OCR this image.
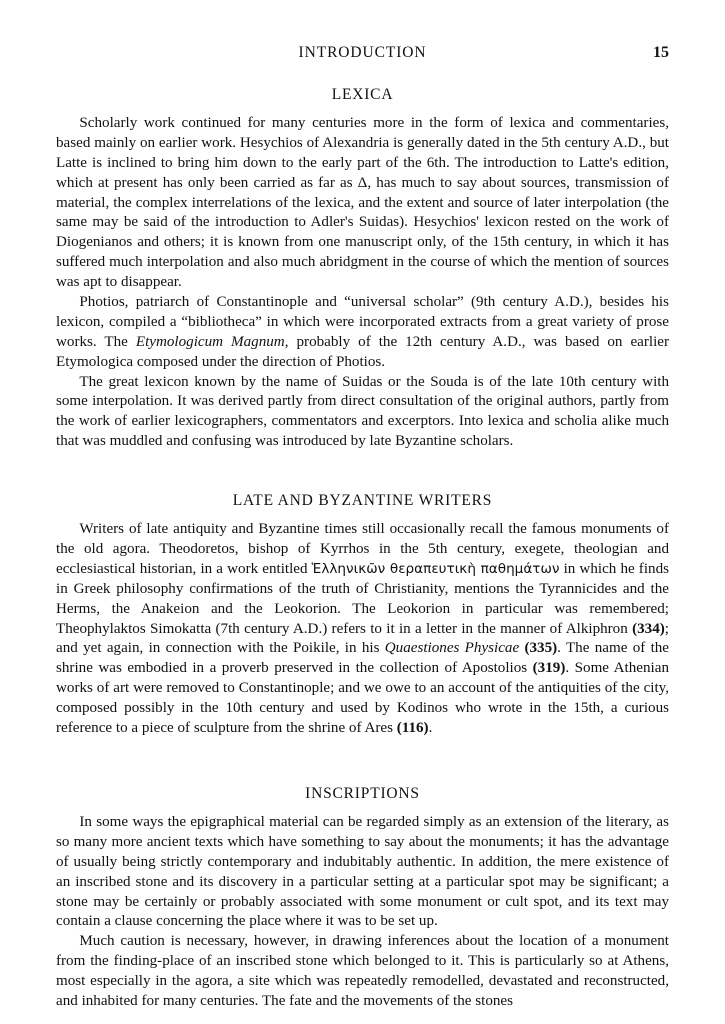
INTRODUCTION	15
LEXICA

Scholarly work continued for many centuries more in the form of lexica and commentaries, based mainly on earlier work. Hesychios of Alexandria is generally dated in the 5th century A.D., but Latte is inclined to bring him down to the early part of the 6th. The introduction to Latte's edition, which at present has only been carried as far as Δ, has much to say about sources, transmission of material, the complex interrelations of the lexica, and the extent and source of later interpolation (the same may be said of the introduction to Adler's Suidas). Hesychios' lexicon rested on the work of Diogenianos and others; it is known from one manuscript only, of the 15th century, in which it has suffered much interpolation and also much abridgment in the course of which the mention of sources was apt to disappear.

Photios, patriarch of Constantinople and “universal scholar” (9th century A.D.), besides his lexicon, compiled a “bibliotheca” in which were incorporated extracts from a great variety of prose works. The Etymologicum Magnum, probably of the 12th century A.D., was based on earlier Etymologica composed under the direction of Photios.

The great lexicon known by the name of Suidas or the Souda is of the late 10th century with some interpolation. It was derived partly from direct consultation of the original authors, partly from the work of earlier lexicographers, commentators and excerptors. Into lexica and scholia alike much that was muddled and confusing was introduced by late Byzantine scholars.

LATE AND BYZANTINE WRITERS

Writers of late antiquity and Byzantine times still occasionally recall the famous monuments of the old agora. Theodoretos, bishop of Kyrrhos in the 5th century, exegete, theologian and ecclesiastical historian, in a work entitled Ἑλληνικῶν θεραπευτικὴ παθημάτων in which he finds in Greek philosophy confirmations of the truth of Christianity, mentions the Tyrannicides and the Herms, the Anakeion and the Leokorion. The Leokorion in particular was remembered; Theophylaktos Simokatta (7th century A.D.) refers to it in a letter in the manner of Alkiphron (334); and yet again, in connection with the Poikile, in his Quaestiones Physicae (335). The name of the shrine was embodied in a proverb preserved in the collection of Apostolios (319). Some Athenian works of art were removed to Constantinople; and we owe to an account of the antiquities of the city, composed possibly in the 10th century and used by Kodinos who wrote in the 15th, a curious reference to a piece of sculpture from the shrine of Ares (116).

INSCRIPTIONS

In some ways the epigraphical material can be regarded simply as an extension of the literary, as so many more ancient texts which have something to say about the monuments; it has the advantage of usually being strictly contemporary and indubitably authentic. In addition, the mere existence of an inscribed stone and its discovery in a particular setting at a particular spot may be significant; a stone may be certainly or probably associated with some monument or cult spot, and its text may contain a clause concerning the place where it was to be set up.

Much caution is necessary, however, in drawing inferences about the location of a monument from the finding-place of an inscribed stone which belonged to it. This is particularly so at Athens, most especially in the agora, a site which was repeatedly remodelled, devastated and reconstructed, and inhabited for many centuries. The fate and the movements of the stones
